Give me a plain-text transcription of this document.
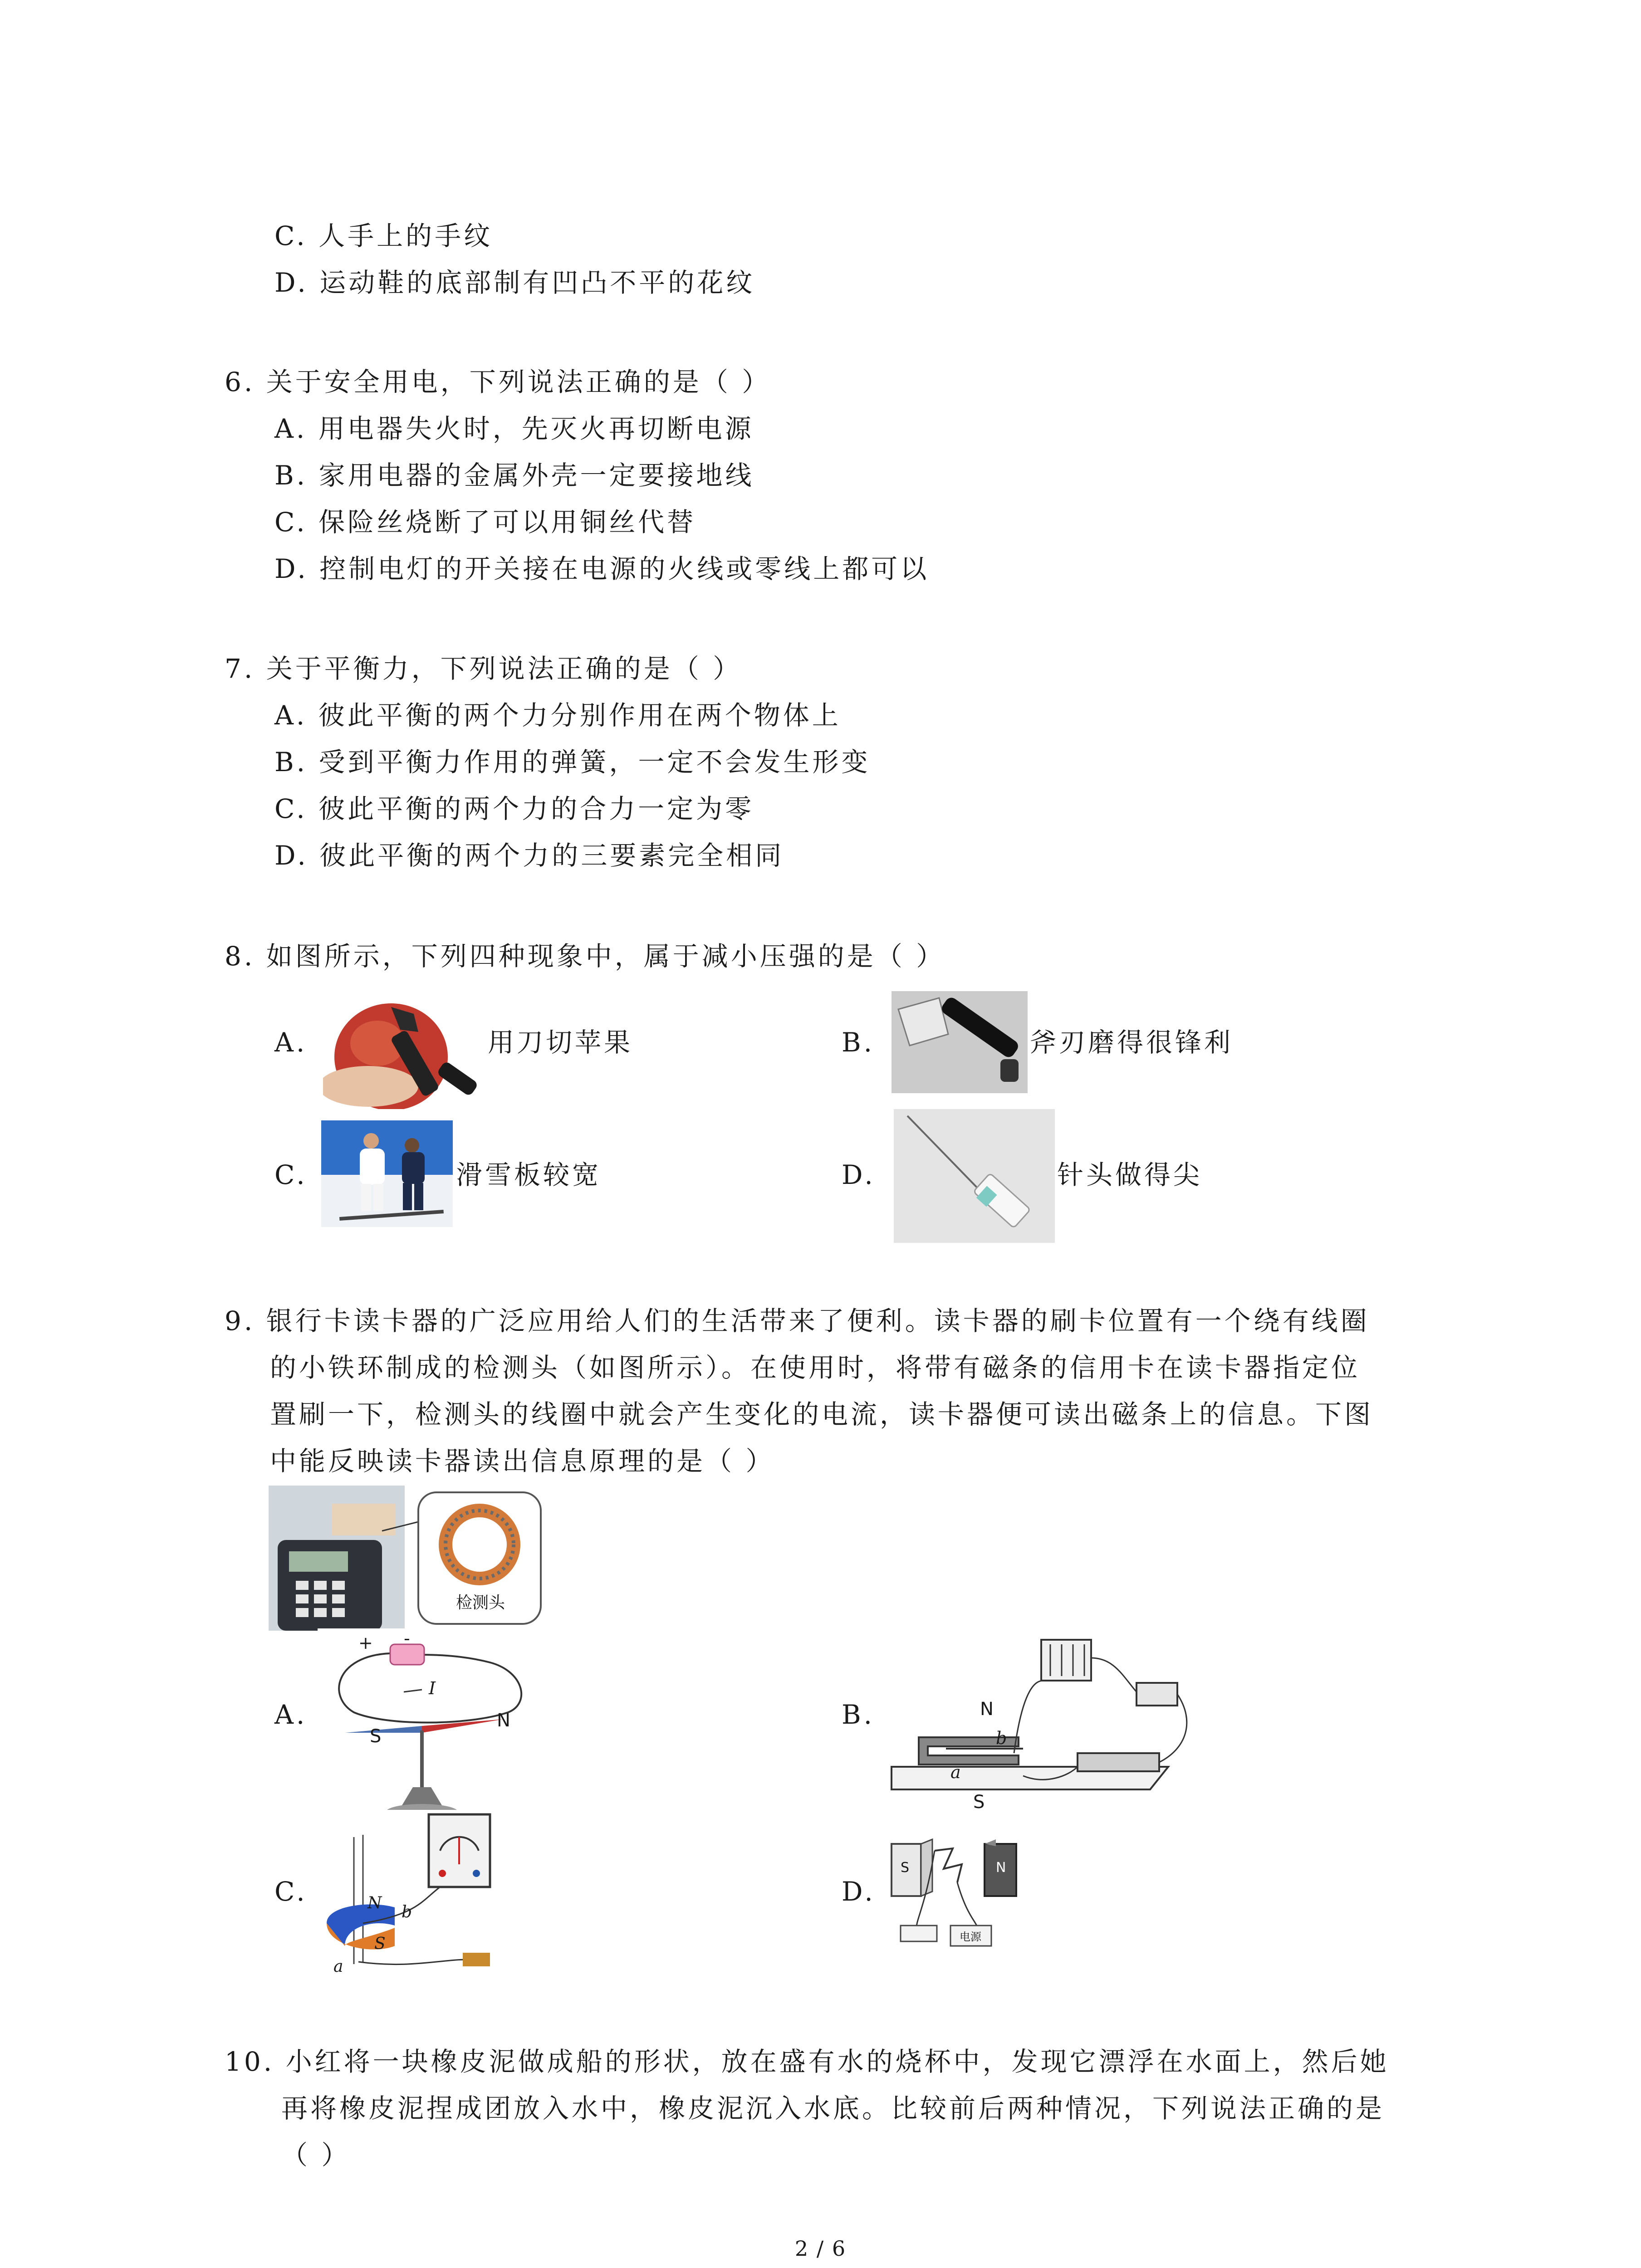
C. 人手上的手纹
D. 运动鞋的底部制有凹凸不平的花纹
6. 关于安全用电，下列说法正确的是（ ）
A. 用电器失火时，先灭火再切断电源
B. 家用电器的金属外壳一定要接地线
C. 保险丝烧断了可以用铜丝代替
D. 控制电灯的开关接在电源的火线或零线上都可以
7. 关于平衡力，下列说法正确的是（ ）
A. 彼此平衡的两个力分别作用在两个物体上
B. 受到平衡力作用的弹簧，一定不会发生形变
C. 彼此平衡的两个力的合力一定为零
D. 彼此平衡的两个力的三要素完全相同
8. 如图所示，下列四种现象中，属于减小压强的是（ ）
A.	用刀切苹果	B.	斧刃磨得很锋利
C.	滑雪板较宽	D.	针头做得尖
9. 银行卡读卡器的广泛应用给人们的生活带来了便利。读卡器的刷卡位置有一个绕有线圈
的小铁环制成的检测头（如图所示）。在使用时，将带有磁条的信用卡在读卡器指定位
置刷一下，检测头的线圈中就会产生变化的电流，读卡器便可读出磁条上的信息。下图
中能反映读卡器读出信息原理的是（ ）
检测头
A.
+ -
I
S
N	B.	N
b
a
S
C.	N b
S
a
D.
S	N
电源
10. 小红将一块橡皮泥做成船的形状，放在盛有水的烧杯中，发现它漂浮在水面上，然后她
再将橡皮泥捏成团放入水中，橡皮泥沉入水底。比较前后两种情况，下列说法正确的是
（ ）
2 / 6
